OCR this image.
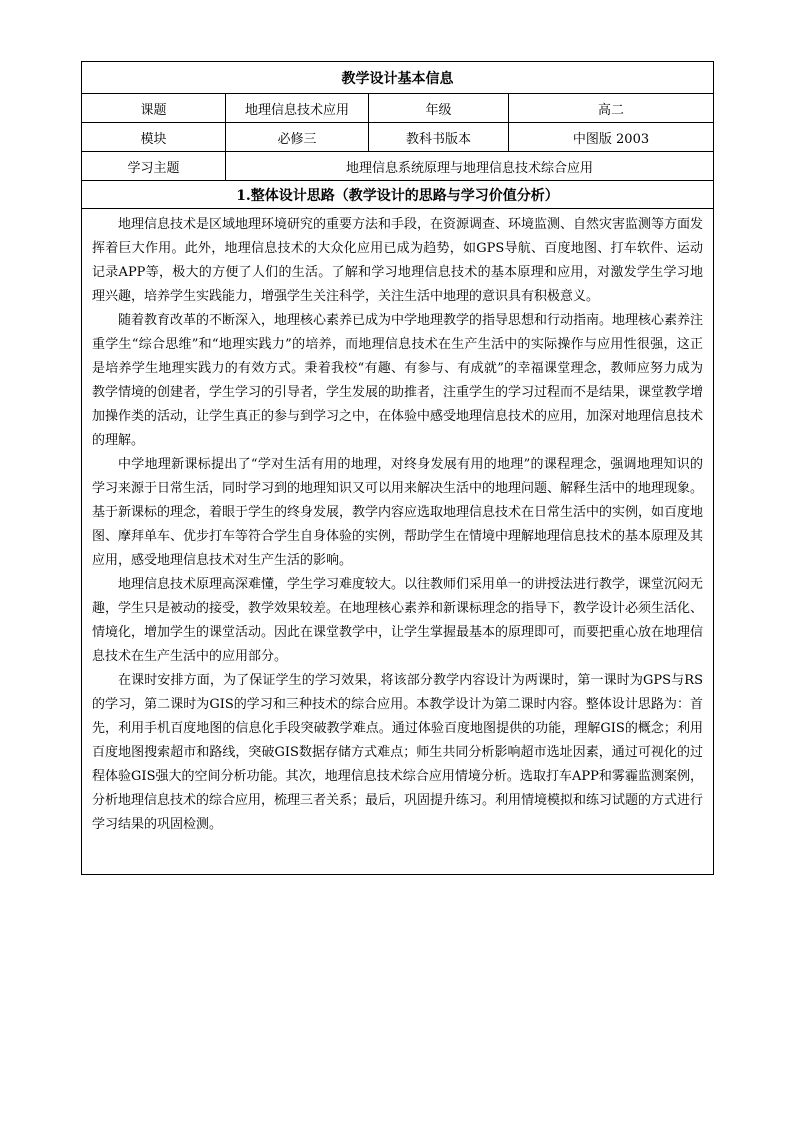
教学设计基本信息			
课题	地理信息技术应用	年级	高二
模块	必修三	教科书版本	中图版 2003
学习主题	地理信息系统原理与地理信息技术综合应用		
1.整体设计思路（教学设计的思路与学习价值分析）			

地理信息技术是区域地理环境研究的重要方法和手段，在资源调查、环境监测、自然灾害监测等方面发挥着巨大作用。此外，地理信息技术的大众化应用已成为趋势，如GPS导航、百度地图、打车软件、运动记录APP等，极大的方便了人们的生活。了解和学习地理信息技术的基本原理和应用，对激发学生学习地理兴趣，培养学生实践能力，增强学生关注科学，关注生活中地理的意识具有积极意义。

随着教育改革的不断深入，地理核心素养已成为中学地理教学的指导思想和行动指南。地理核心素养注重学生“综合思维”和“地理实践力”的培养，而地理信息技术在生产生活中的实际操作与应用性很强，这正是培养学生地理实践力的有效方式。秉着我校“有趣、有参与、有成就”的幸福课堂理念，教师应努力成为教学情境的创建者，学生学习的引导者，学生发展的助推者，注重学生的学习过程而不是结果，课堂教学增加操作类的活动，让学生真正的参与到学习之中，在体验中感受地理信息技术的应用，加深对地理信息技术的理解。

中学地理新课标提出了“学对生活有用的地理，对终身发展有用的地理”的课程理念，强调地理知识的学习来源于日常生活，同时学习到的地理知识又可以用来解决生活中的地理问题、解释生活中的地理现象。基于新课标的理念，着眼于学生的终身发展，教学内容应选取地理信息技术在日常生活中的实例，如百度地图、摩拜单车、优步打车等符合学生自身体验的实例，帮助学生在情境中理解地理信息技术的基本原理及其应用，感受地理信息技术对生产生活的影响。

地理信息技术原理高深难懂，学生学习难度较大。以往教师们采用单一的讲授法进行教学，课堂沉闷无趣，学生只是被动的接受，教学效果较差。在地理核心素养和新课标理念的指导下，教学设计必须生活化、情境化，增加学生的课堂活动。因此在课堂教学中，让学生掌握最基本的原理即可，而要把重心放在地理信息技术在生产生活中的应用部分。

在课时安排方面，为了保证学生的学习效果，将该部分教学内容设计为两课时，第一课时为GPS与RS的学习，第二课时为GIS的学习和三种技术的综合应用。本教学设计为第二课时内容。整体设计思路为：首先，利用手机百度地图的信息化手段突破教学难点。通过体验百度地图提供的功能，理解GIS的概念；利用百度地图搜索超市和路线，突破GIS数据存储方式难点；师生共同分析影响超市选址因素，通过可视化的过程体验GIS强大的空间分析功能。其次，地理信息技术综合应用情境分析。选取打车APP和雾霾监测案例，分析地理信息技术的综合应用，梳理三者关系；最后，巩固提升练习。利用情境模拟和练习试题的方式进行学习结果的巩固检测。			
